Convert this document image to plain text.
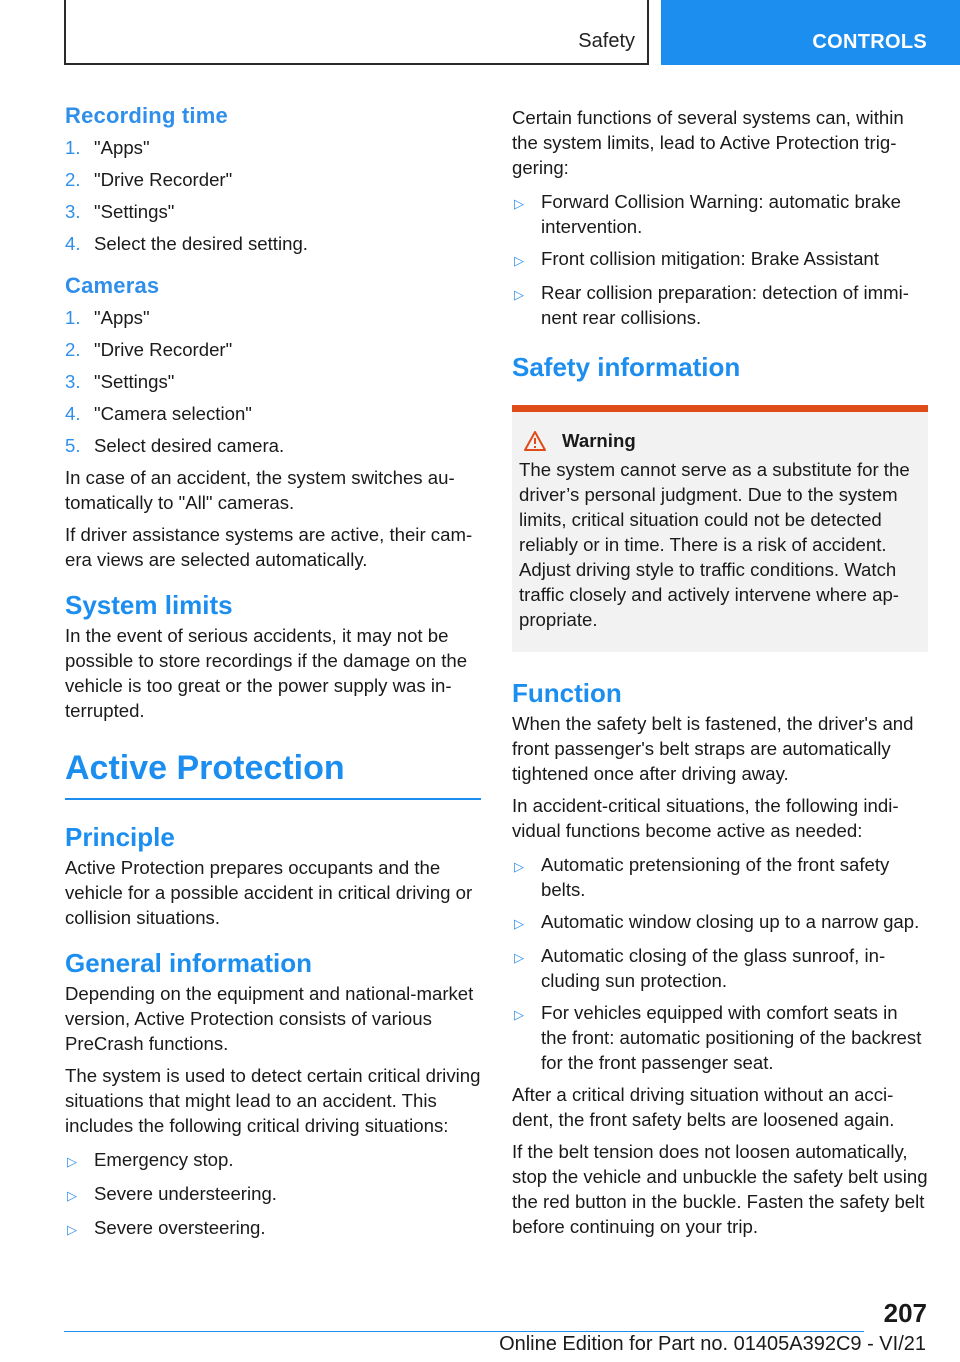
Safety	CONTROLS
Recording time
1. "Apps"
2. "Drive Recorder"
3. "Settings"
4. Select the desired setting.
Cameras
1. "Apps"
2. "Drive Recorder"
3. "Settings"
4. "Camera selection"
5. Select desired camera.

In case of an accident, the system switches automatically to "All" cameras.

If driver assistance systems are active, their camera views are selected automatically.

System limits

In the event of serious accidents, it may not be possible to store recordings if the damage on the vehicle is too great or the power supply was interrupted.

Active Protection
Principle

Active Protection prepares occupants and the vehicle for a possible accident in critical driving or collision situations.

General information

Depending on the equipment and national-market version, Active Protection consists of various PreCrash functions.

The system is used to detect certain critical driving situations that might lead to an accident. This includes the following critical driving situations:

▷ Emergency stop.
▷ Severe understeering.
▷ Severe oversteering.

Certain functions of several systems can, within the system limits, lead to Active Protection triggering:

▷ Forward Collision Warning: automatic brake intervention.
▷ Front collision mitigation: Brake Assistant
▷ Rear collision preparation: detection of imminent rear collisions.
Safety information
Warning

The system cannot serve as a substitute for the driver’s personal judgment. Due to the system limits, critical situation could not be detected reliably or in time. There is a risk of accident. Adjust driving style to traffic conditions. Watch traffic closely and actively intervene where appropriate.

Function

When the safety belt is fastened, the driver's and front passenger's belt straps are automatically tightened once after driving away.

In accident-critical situations, the following individual functions become active as needed:

▷ Automatic pretensioning of the front safety belts.
▷ Automatic window closing up to a narrow gap.
▷ Automatic closing of the glass sunroof, including sun protection.
▷ For vehicles equipped with comfort seats in the front: automatic positioning of the backrest for the front passenger seat.

After a critical driving situation without an accident, the front safety belts are loosened again.

If the belt tension does not loosen automatically, stop the vehicle and unbuckle the safety belt using the red button in the buckle. Fasten the safety belt before continuing on your trip.

207
Online Edition for Part no. 01405A392C9 - VI/21
